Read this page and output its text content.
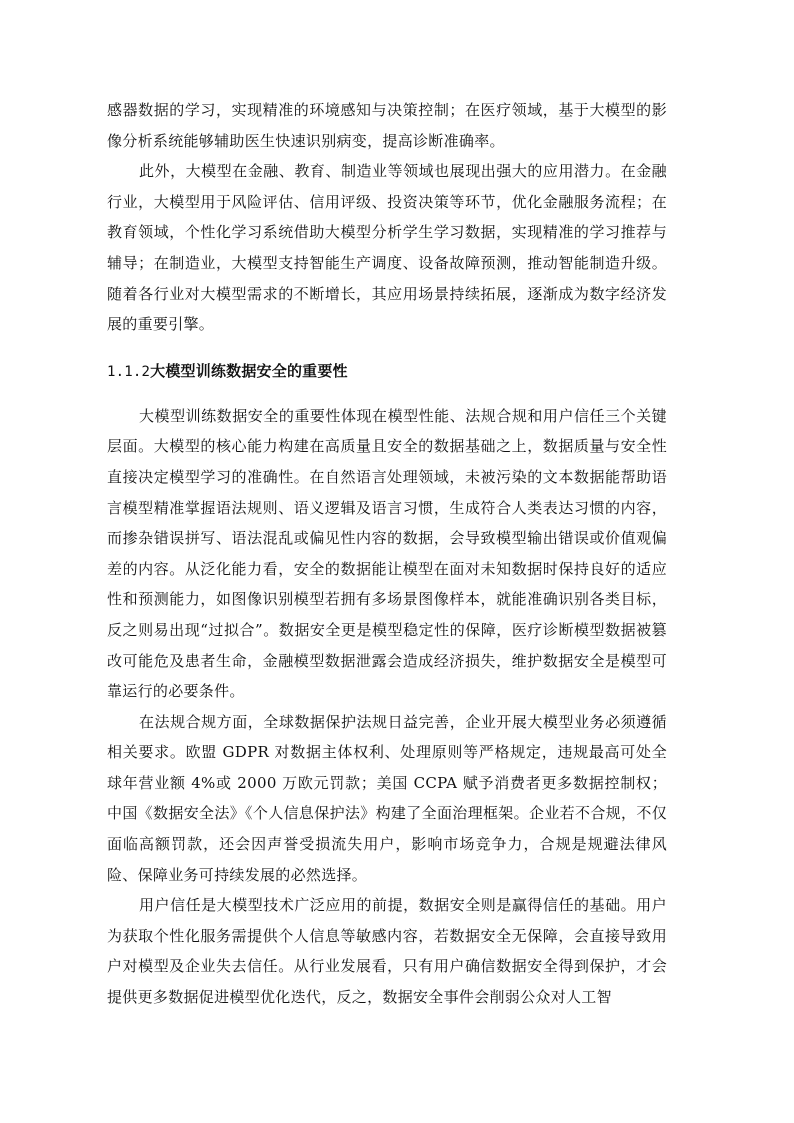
感器数据的学习，实现精准的环境感知与决策控制；在医疗领域，基于大模型的影像分析系统能够辅助医生快速识别病变，提高诊断准确率。

此外，大模型在金融、教育、制造业等领域也展现出强大的应用潜力。在金融行业，大模型用于风险评估、信用评级、投资决策等环节，优化金融服务流程；在教育领域，个性化学习系统借助大模型分析学生学习数据，实现精准的学习推荐与辅导；在制造业，大模型支持智能生产调度、设备故障预测，推动智能制造升级。随着各行业对大模型需求的不断增长，其应用场景持续拓展，逐渐成为数字经济发展的重要引擎。

1.1.2大模型训练数据安全的重要性

大模型训练数据安全的重要性体现在模型性能、法规合规和用户信任三个关键层面。大模型的核心能力构建在高质量且安全的数据基础之上，数据质量与安全性直接决定模型学习的准确性。在自然语言处理领域，未被污染的文本数据能帮助语言模型精准掌握语法规则、语义逻辑及语言习惯，生成符合人类表达习惯的内容，而掺杂错误拼写、语法混乱或偏见性内容的数据，会导致模型输出错误或价值观偏差的内容。从泛化能力看，安全的数据能让模型在面对未知数据时保持良好的适应性和预测能力，如图像识别模型若拥有多场景图像样本，就能准确识别各类目标，反之则易出现“过拟合”。数据安全更是模型稳定性的保障，医疗诊断模型数据被篡改可能危及患者生命，金融模型数据泄露会造成经济损失，维护数据安全是模型可靠运行的必要条件。

在法规合规方面，全球数据保护法规日益完善，企业开展大模型业务必须遵循相关要求。欧盟 GDPR 对数据主体权利、处理原则等严格规定，违规最高可处全球年营业额 4%或 2000 万欧元罚款；美国 CCPA 赋予消费者更多数据控制权；中国《数据安全法》《个人信息保护法》构建了全面治理框架。企业若不合规，不仅面临高额罚款，还会因声誉受损流失用户，影响市场竞争力，合规是规避法律风险、保障业务可持续发展的必然选择。

用户信任是大模型技术广泛应用的前提，数据安全则是赢得信任的基础。用户为获取个性化服务需提供个人信息等敏感内容，若数据安全无保障，会直接导致用户对模型及企业失去信任。从行业发展看，只有用户确信数据安全得到保护，才会提供更多数据促进模型优化迭代，反之，数据安全事件会削弱公众对人工智
